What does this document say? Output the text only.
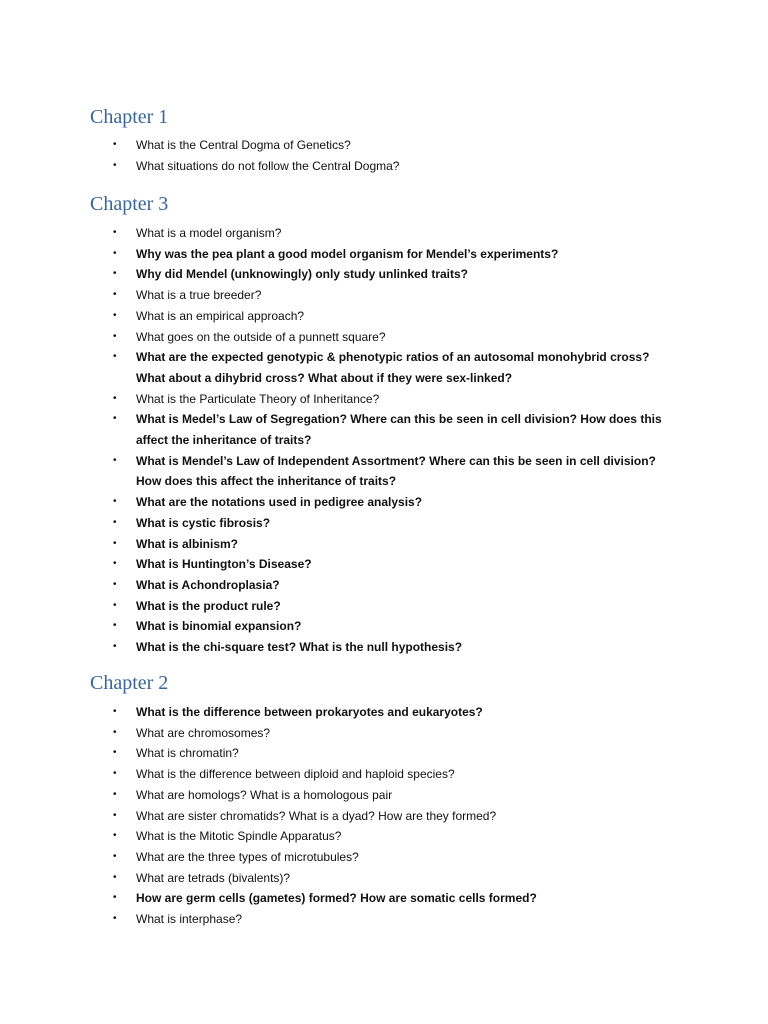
Chapter 1
• What is the Central Dogma of Genetics?
• What situations do not follow the Central Dogma?
Chapter 3
• What is a model organism?
• Why was the pea plant a good model organism for Mendel’s experiments?
• Why did Mendel (unknowingly) only study unlinked traits?
• What is a true breeder?
• What is an empirical approach?
• What goes on the outside of a punnett square?
• What are the expected genotypic & phenotypic ratios of an autosomal monohybrid cross?
What about a dihybrid cross? What about if they were sex-linked?
• What is the Particulate Theory of Inheritance?
• What is Medel’s Law of Segregation? Where can this be seen in cell division? How does this
affect the inheritance of traits?
• What is Mendel’s Law of Independent Assortment? Where can this be seen in cell division?
How does this affect the inheritance of traits?
• What are the notations used in pedigree analysis?
• What is cystic fibrosis?
• What is albinism?
• What is Huntington’s Disease?
• What is Achondroplasia?
• What is the product rule?
• What is binomial expansion?
• What is the chi-square test? What is the null hypothesis?
Chapter 2
• What is the difference between prokaryotes and eukaryotes?
• What are chromosomes?
• What is chromatin?
• What is the difference between diploid and haploid species?
• What are homologs? What is a homologous pair
• What are sister chromatids? What is a dyad? How are they formed?
• What is the Mitotic Spindle Apparatus?
• What are the three types of microtubules?
• What are tetrads (bivalents)?
• How are germ cells (gametes) formed? How are somatic cells formed?
• What is interphase?
